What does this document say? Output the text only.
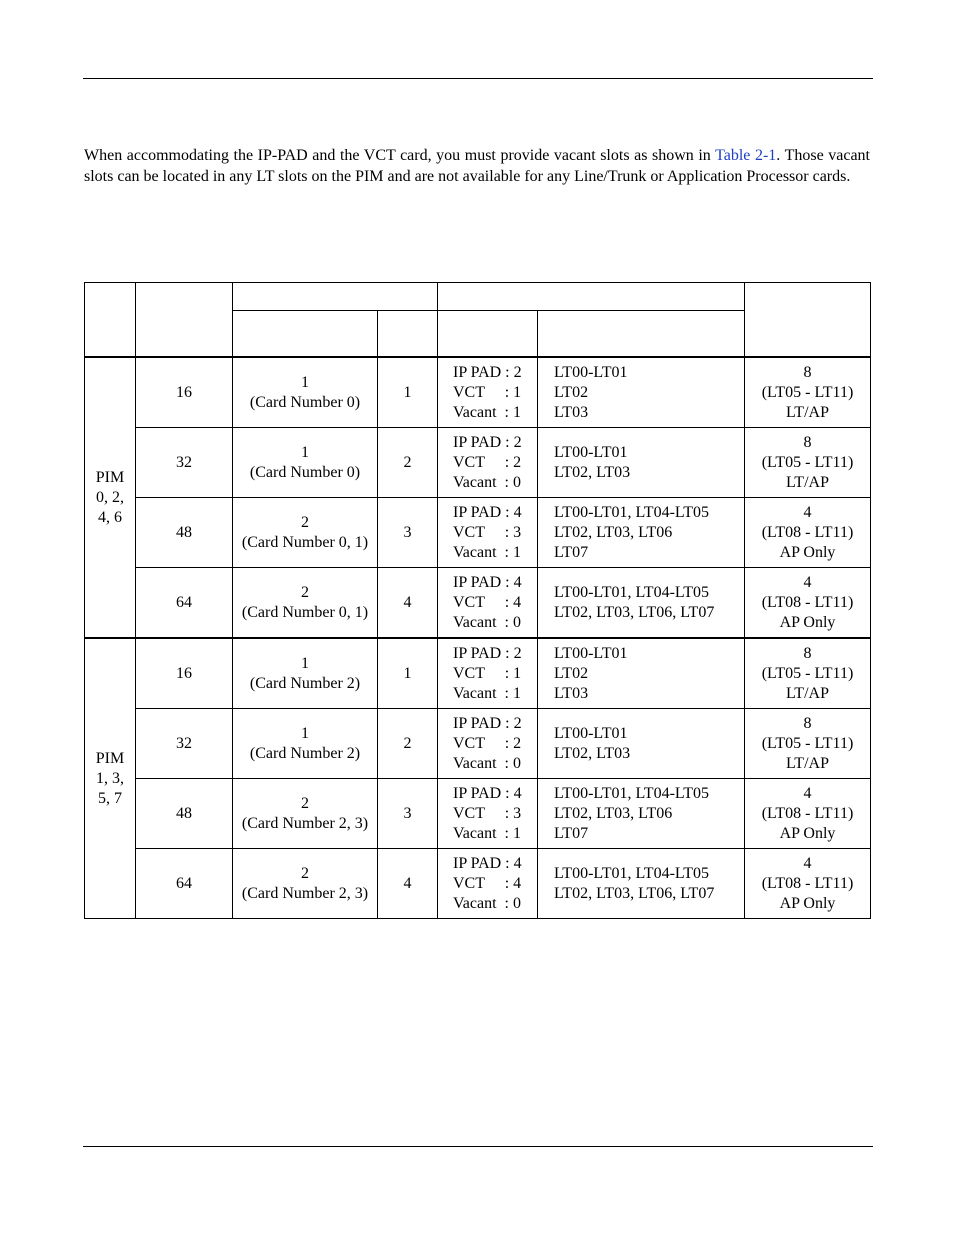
When accommodating the IP-PAD and the VCT card, you must provide vacant slots as shown in Table 2-1. Those vacant slots can be located in any LT slots on the PIM and are not available for any Line/Trunk or Application Processor cards.

PIM
0, 2,
4, 6	16	1
(Card Number 0)	1	IP PAD : 2
VCT     : 1
Vacant  : 1	LT00-LT01
LT02
LT03	8
(LT05 - LT11)
LT/AP

	32	1
(Card Number 0)	2	IP PAD : 2
VCT     : 2
Vacant  : 0	LT00-LT01
LT02, LT03	8
(LT05 - LT11)
LT/AP

	48	2
(Card Number 0, 1)	3	IP PAD : 4
VCT     : 3
Vacant  : 1	LT00-LT01, LT04-LT05
LT02, LT03, LT06
LT07	4
(LT08 - LT11)
AP Only

	64	2
(Card Number 0, 1)	4	IP PAD : 4
VCT     : 4
Vacant  : 0	LT00-LT01, LT04-LT05
LT02, LT03, LT06, LT07	4
(LT08 - LT11)
AP Only

PIM
1, 3,
5, 7	16	1
(Card Number 2)	1	IP PAD : 2
VCT     : 1
Vacant  : 1	LT00-LT01
LT02
LT03	8
(LT05 - LT11)
LT/AP

	32	1
(Card Number 2)	2	IP PAD : 2
VCT     : 2
Vacant  : 0	LT00-LT01
LT02, LT03	8
(LT05 - LT11)
LT/AP

	48	2
(Card Number 2, 3)	3	IP PAD : 4
VCT     : 3
Vacant  : 1	LT00-LT01, LT04-LT05
LT02, LT03, LT06
LT07	4
(LT08 - LT11)
AP Only

	64	2
(Card Number 2, 3)	4	IP PAD : 4
VCT     : 4
Vacant  : 0	LT00-LT01, LT04-LT05
LT02, LT03, LT06, LT07	4
(LT08 - LT11)
AP Only
